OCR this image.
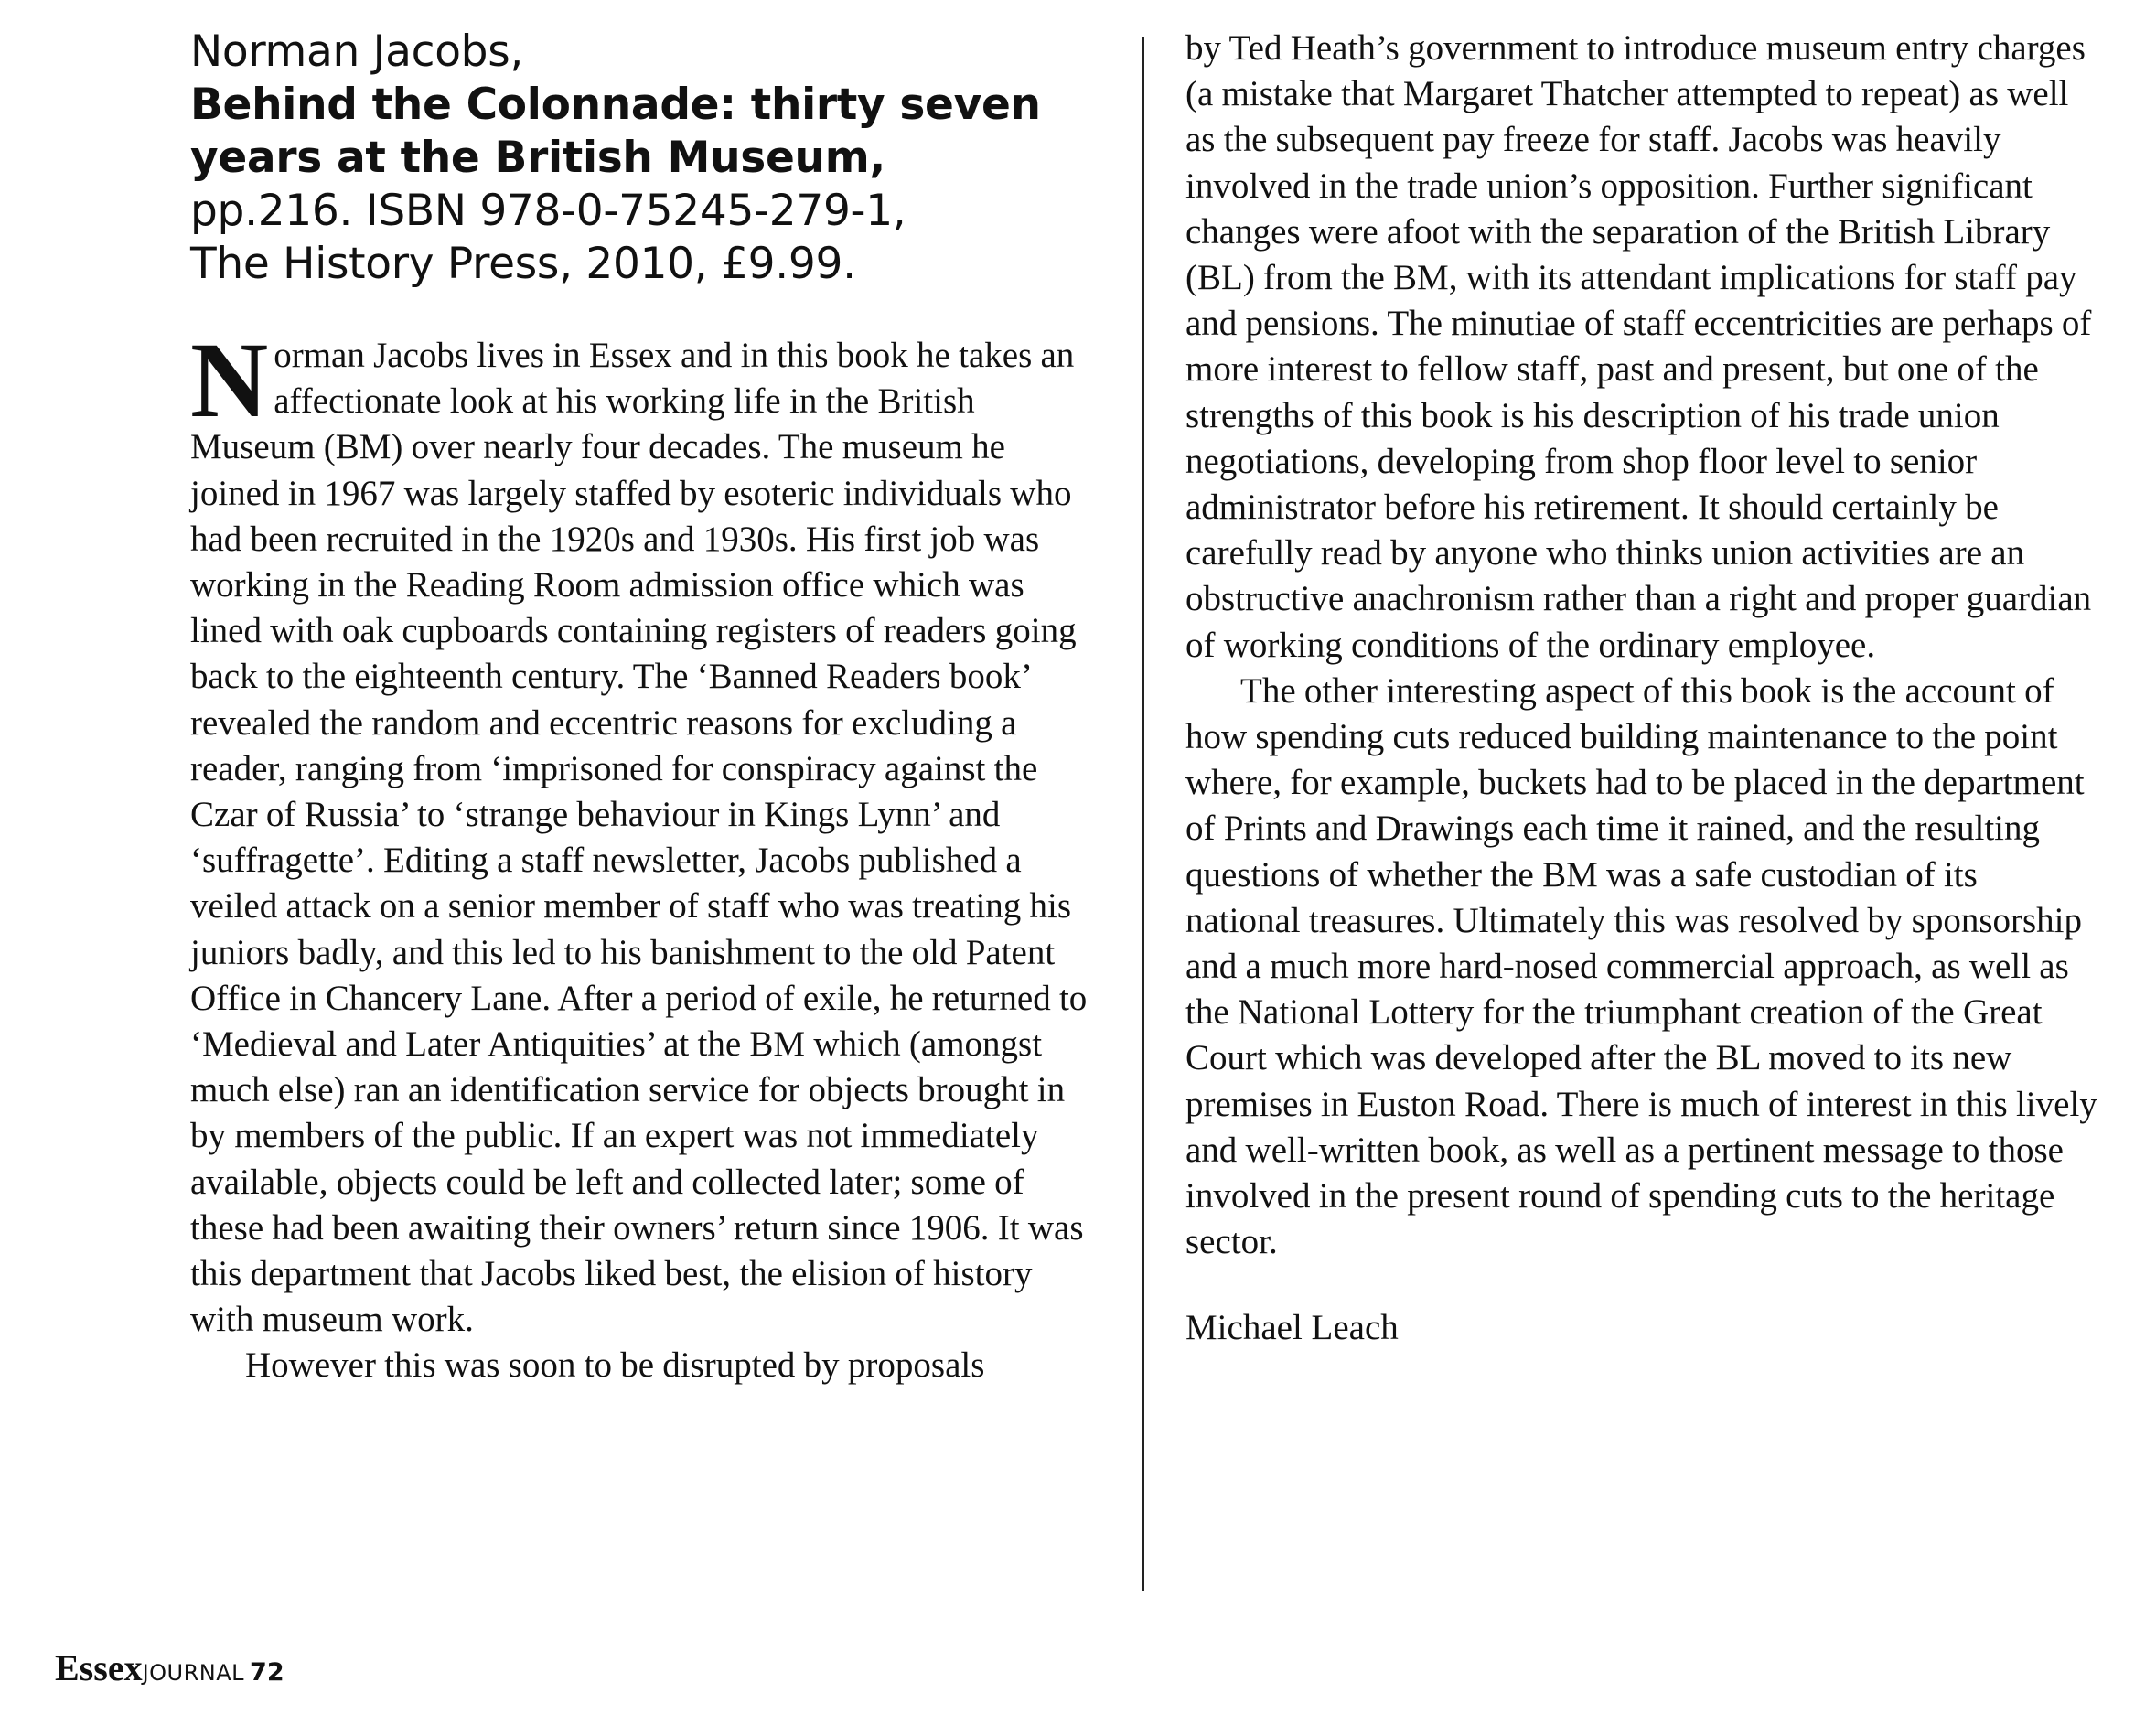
Norman Jacobs,
Behind the Colonnade: thirty seven years at the British Museum,
pp.216. ISBN 978-0-75245-279-1,
The History Press, 2010, £9.99.

Norman Jacobs lives in Essex and in this book he takes an affectionate look at his working life in the British Museum (BM) over nearly four decades. The museum he joined in 1967 was largely staffed by esoteric individuals who had been recruited in the 1920s and 1930s. His first job was working in the Reading Room admission office which was lined with oak cupboards containing registers of readers going back to the eighteenth century. The ‘Banned Readers book’ revealed the random and eccentric reasons for excluding a reader, ranging from ‘imprisoned for conspiracy against the Czar of Russia’ to ‘strange behaviour in Kings Lynn’ and ‘suffragette’. Editing a staff newsletter, Jacobs published a veiled attack on a senior member of staff who was treating his juniors badly, and this led to his banishment to the old Patent Office in Chancery Lane. After a period of exile, he returned to ‘Medieval and Later Antiquities’ at the BM which (amongst much else) ran an identification service for objects brought in by members of the public. If an expert was not immediately available, objects could be left and collected later; some of these had been awaiting their owners’ return since 1906. It was this department that Jacobs liked best, the elision of history with museum work.

However this was soon to be disrupted by proposals

by Ted Heath’s government to introduce museum entry charges (a mistake that Margaret Thatcher attempted to repeat) as well as the subsequent pay freeze for staff. Jacobs was heavily involved in the trade union’s opposition. Further significant changes were afoot with the separation of the British Library (BL) from the BM, with its attendant implications for staff pay and pensions. The minutiae of staff eccentricities are perhaps of more interest to fellow staff, past and present, but one of the strengths of this book is his description of his trade union negotiations, developing from shop floor level to senior administrator before his retirement. It should certainly be carefully read by anyone who thinks union activities are an obstructive anachronism rather than a right and proper guardian of working conditions of the ordinary employee.

The other interesting aspect of this book is the account of how spending cuts reduced building maintenance to the point where, for example, buckets had to be placed in the department of Prints and Drawings each time it rained, and the resulting questions of whether the BM was a safe custodian of its national treasures. Ultimately this was resolved by sponsorship and a much more hard-nosed commercial approach, as well as the National Lottery for the triumphant creation of the Great Court which was developed after the BL moved to its new premises in Euston Road. There is much of interest in this lively and well-written book, as well as a pertinent message to those involved in the present round of spending cuts to the heritage sector.

Michael Leach
EssexJOURNAL 72
